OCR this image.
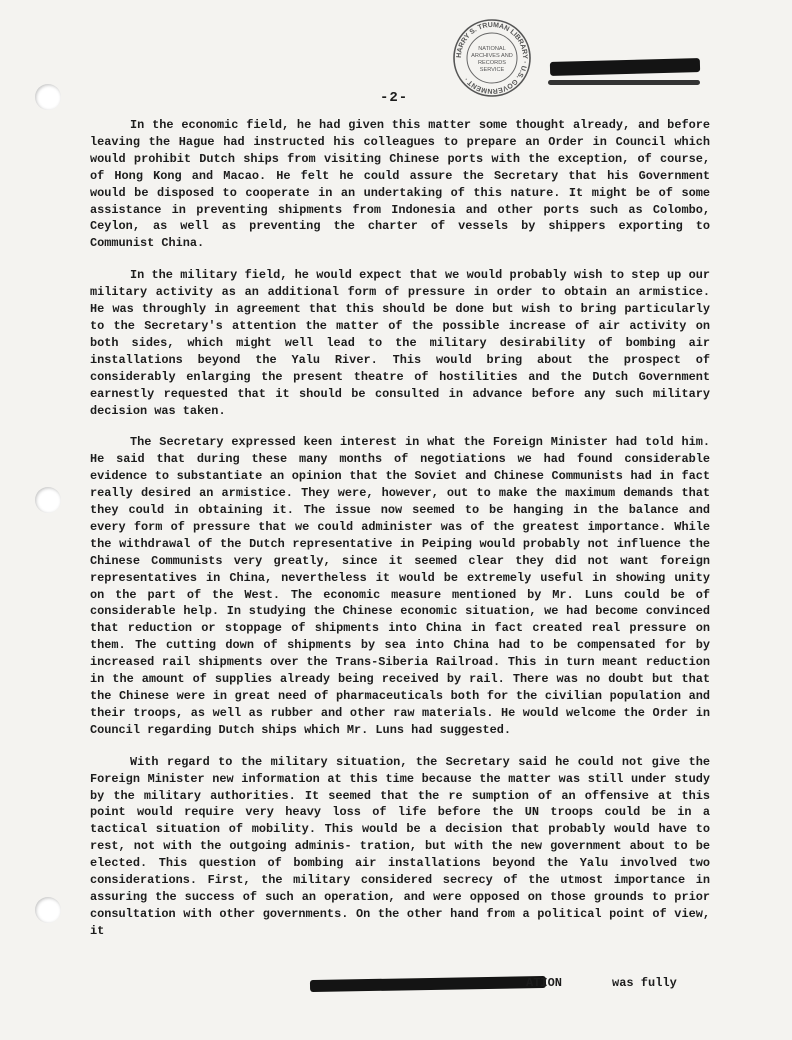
HARRY S. TRUMAN LIBRARY · U.S. GOVERNMENT ·
NATIONAL
ARCHIVES AND
RECORDS
SERVICE
-2-

In the economic field, he had given this matter some thought already, and before leaving the Hague had instructed his colleagues to prepare an Order in Council which would prohibit Dutch ships from visiting Chinese ports with the exception, of course, of Hong Kong and Macao. He felt he could assure the Secretary that his Government would be disposed to cooperate in an undertaking of this nature. It might be of some assistance in preventing shipments from Indonesia and other ports such as Colombo, Ceylon, as well as preventing the charter of vessels by shippers exporting to Communist China.

In the military field, he would expect that we would probably wish to step up our military activity as an additional form of pressure in order to obtain an armistice. He was throughly in agreement that this should be done but wish to bring particularly to the Secretary's attention the matter of the possible increase of air activity on both sides, which might well lead to the military desirability of bombing air installations beyond the Yalu River. This would bring about the prospect of considerably enlarging the present theatre of hostilities and the Dutch Government earnestly requested that it should be consulted in advance before any such military decision was taken.

The Secretary expressed keen interest in what the Foreign Minister had told him. He said that during these many months of negotiations we had found considerable evidence to substantiate an opinion that the Soviet and Chinese Communists had in fact really desired an armistice. They were, however, out to make the maximum demands that they could in obtaining it. The issue now seemed to be hanging in the balance and every form of pressure that we could administer was of the greatest importance. While the withdrawal of the Dutch representative in Peiping would probably not influence the Chinese Communists very greatly, since it seemed clear they did not want foreign representatives in China, nevertheless it would be extremely useful in showing unity on the part of the West. The economic measure mentioned by Mr. Luns could be of considerable help. In studying the Chinese economic situation, we had become convinced that reduction or stoppage of shipments into China in fact created real pressure on them. The cutting down of shipments by sea into China had to be compensated for by increased rail shipments over the Trans-Siberia Railroad. This in turn meant reduction in the amount of supplies already being received by rail. There was no doubt but that the Chinese were in great need of pharmaceuticals both for the civilian population and their troops, as well as rubber and other raw materials. He would welcome the Order in Council regarding Dutch ships which Mr. Luns had suggested.

With regard to the military situation, the Secretary said he could not give the Foreign Minister new information at this time because the matter was still under study by the military authorities. It seemed that the re sumption of an offensive at this point would require very heavy loss of life before the UN troops could be in a tactical situation of mobility. This would be a decision that probably would have to rest, not with the outgoing adminis- tration, but with the new government about to be elected. This question of bombing air installations beyond the Yalu involved two considerations. First, the military considered secrecy of the utmost importance in assuring the success of such an operation, and were opposed on those grounds to prior consultation with other governments. On the other hand from a political point of view, it

ATION	was fully
